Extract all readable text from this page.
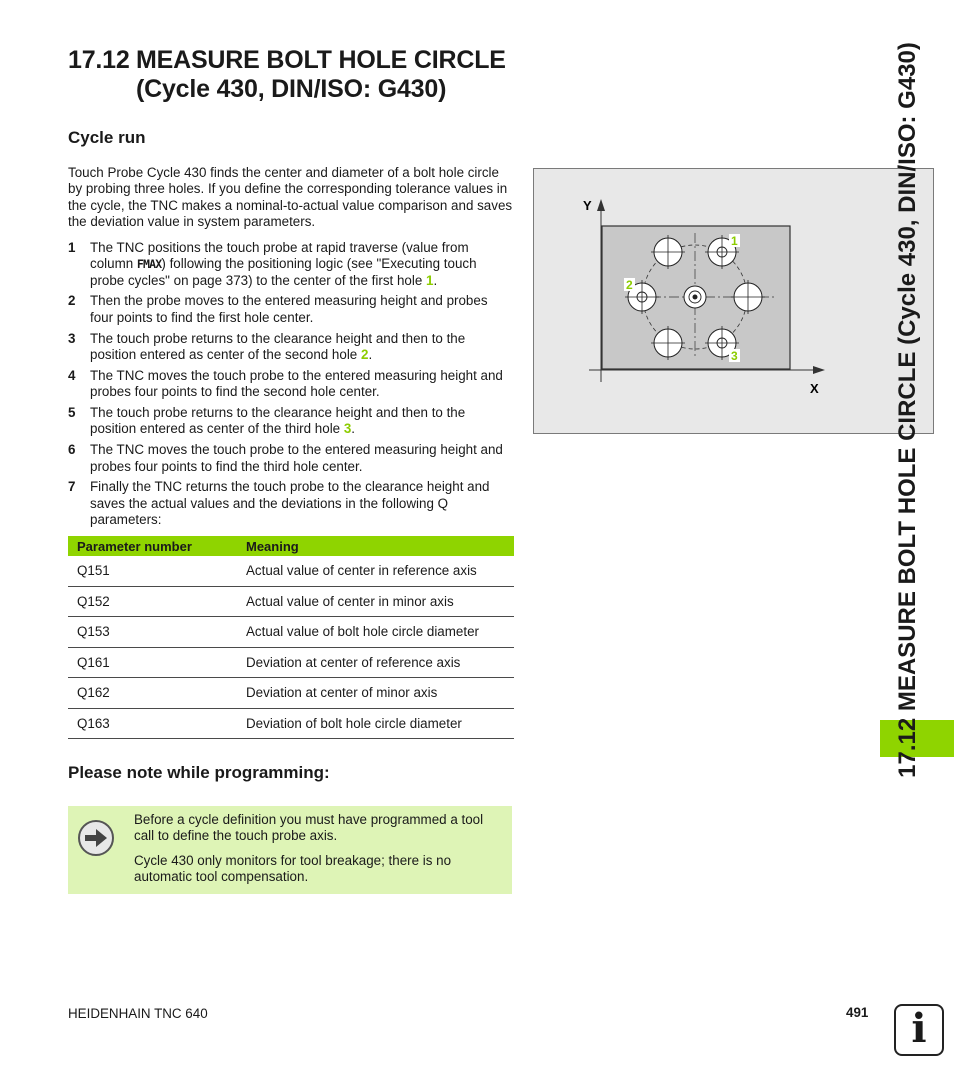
17.12 MEASURE BOLT HOLE CIRCLE
(Cycle 430, DIN/ISO: G430)
Cycle run
Touch Probe Cycle 430 finds the center and diameter of a bolt hole circle by probing three holes. If you define the corresponding tolerance values in the cycle, the TNC makes a nominal-to-actual value comparison and saves the deviation value in system parameters.
1	The TNC positions the touch probe at rapid traverse (value from column FMAX) following the positioning logic (see "Executing touch probe cycles" on page 373) to the center of the first hole 1.
2	Then the probe moves to the entered measuring height and probes four points to find the first hole center.
3	The touch probe returns to the clearance height and then to the position entered as center of the second hole 2.
4	The TNC moves the touch probe to the entered measuring height and probes four points to find the second hole center.
5	The touch probe returns to the clearance height and then to the position entered as center of the third hole 3.
6	The TNC moves the touch probe to the entered measuring height and probes four points to find the third hole center.
7	Finally the TNC returns the touch probe to the clearance height and saves the actual values and the deviations in the following Q parameters:
Y
X
1
2
3
Parameter number	Meaning
Q151	Actual value of center in reference axis
Q152	Actual value of center in minor axis
Q153	Actual value of bolt hole circle diameter
Q161	Deviation at center of reference axis
Q162	Deviation at center of minor axis
Q163	Deviation of bolt hole circle diameter
Please note while programming:

Before a cycle definition you must have programmed a tool call to define the touch probe axis.

Cycle 430 only monitors for tool breakage; there is no automatic tool compensation.

17.12 MEASURE BOLT HOLE CIRCLE (Cycle 430, DIN/ISO: G430)
HEIDENHAIN TNC 640	491	i
